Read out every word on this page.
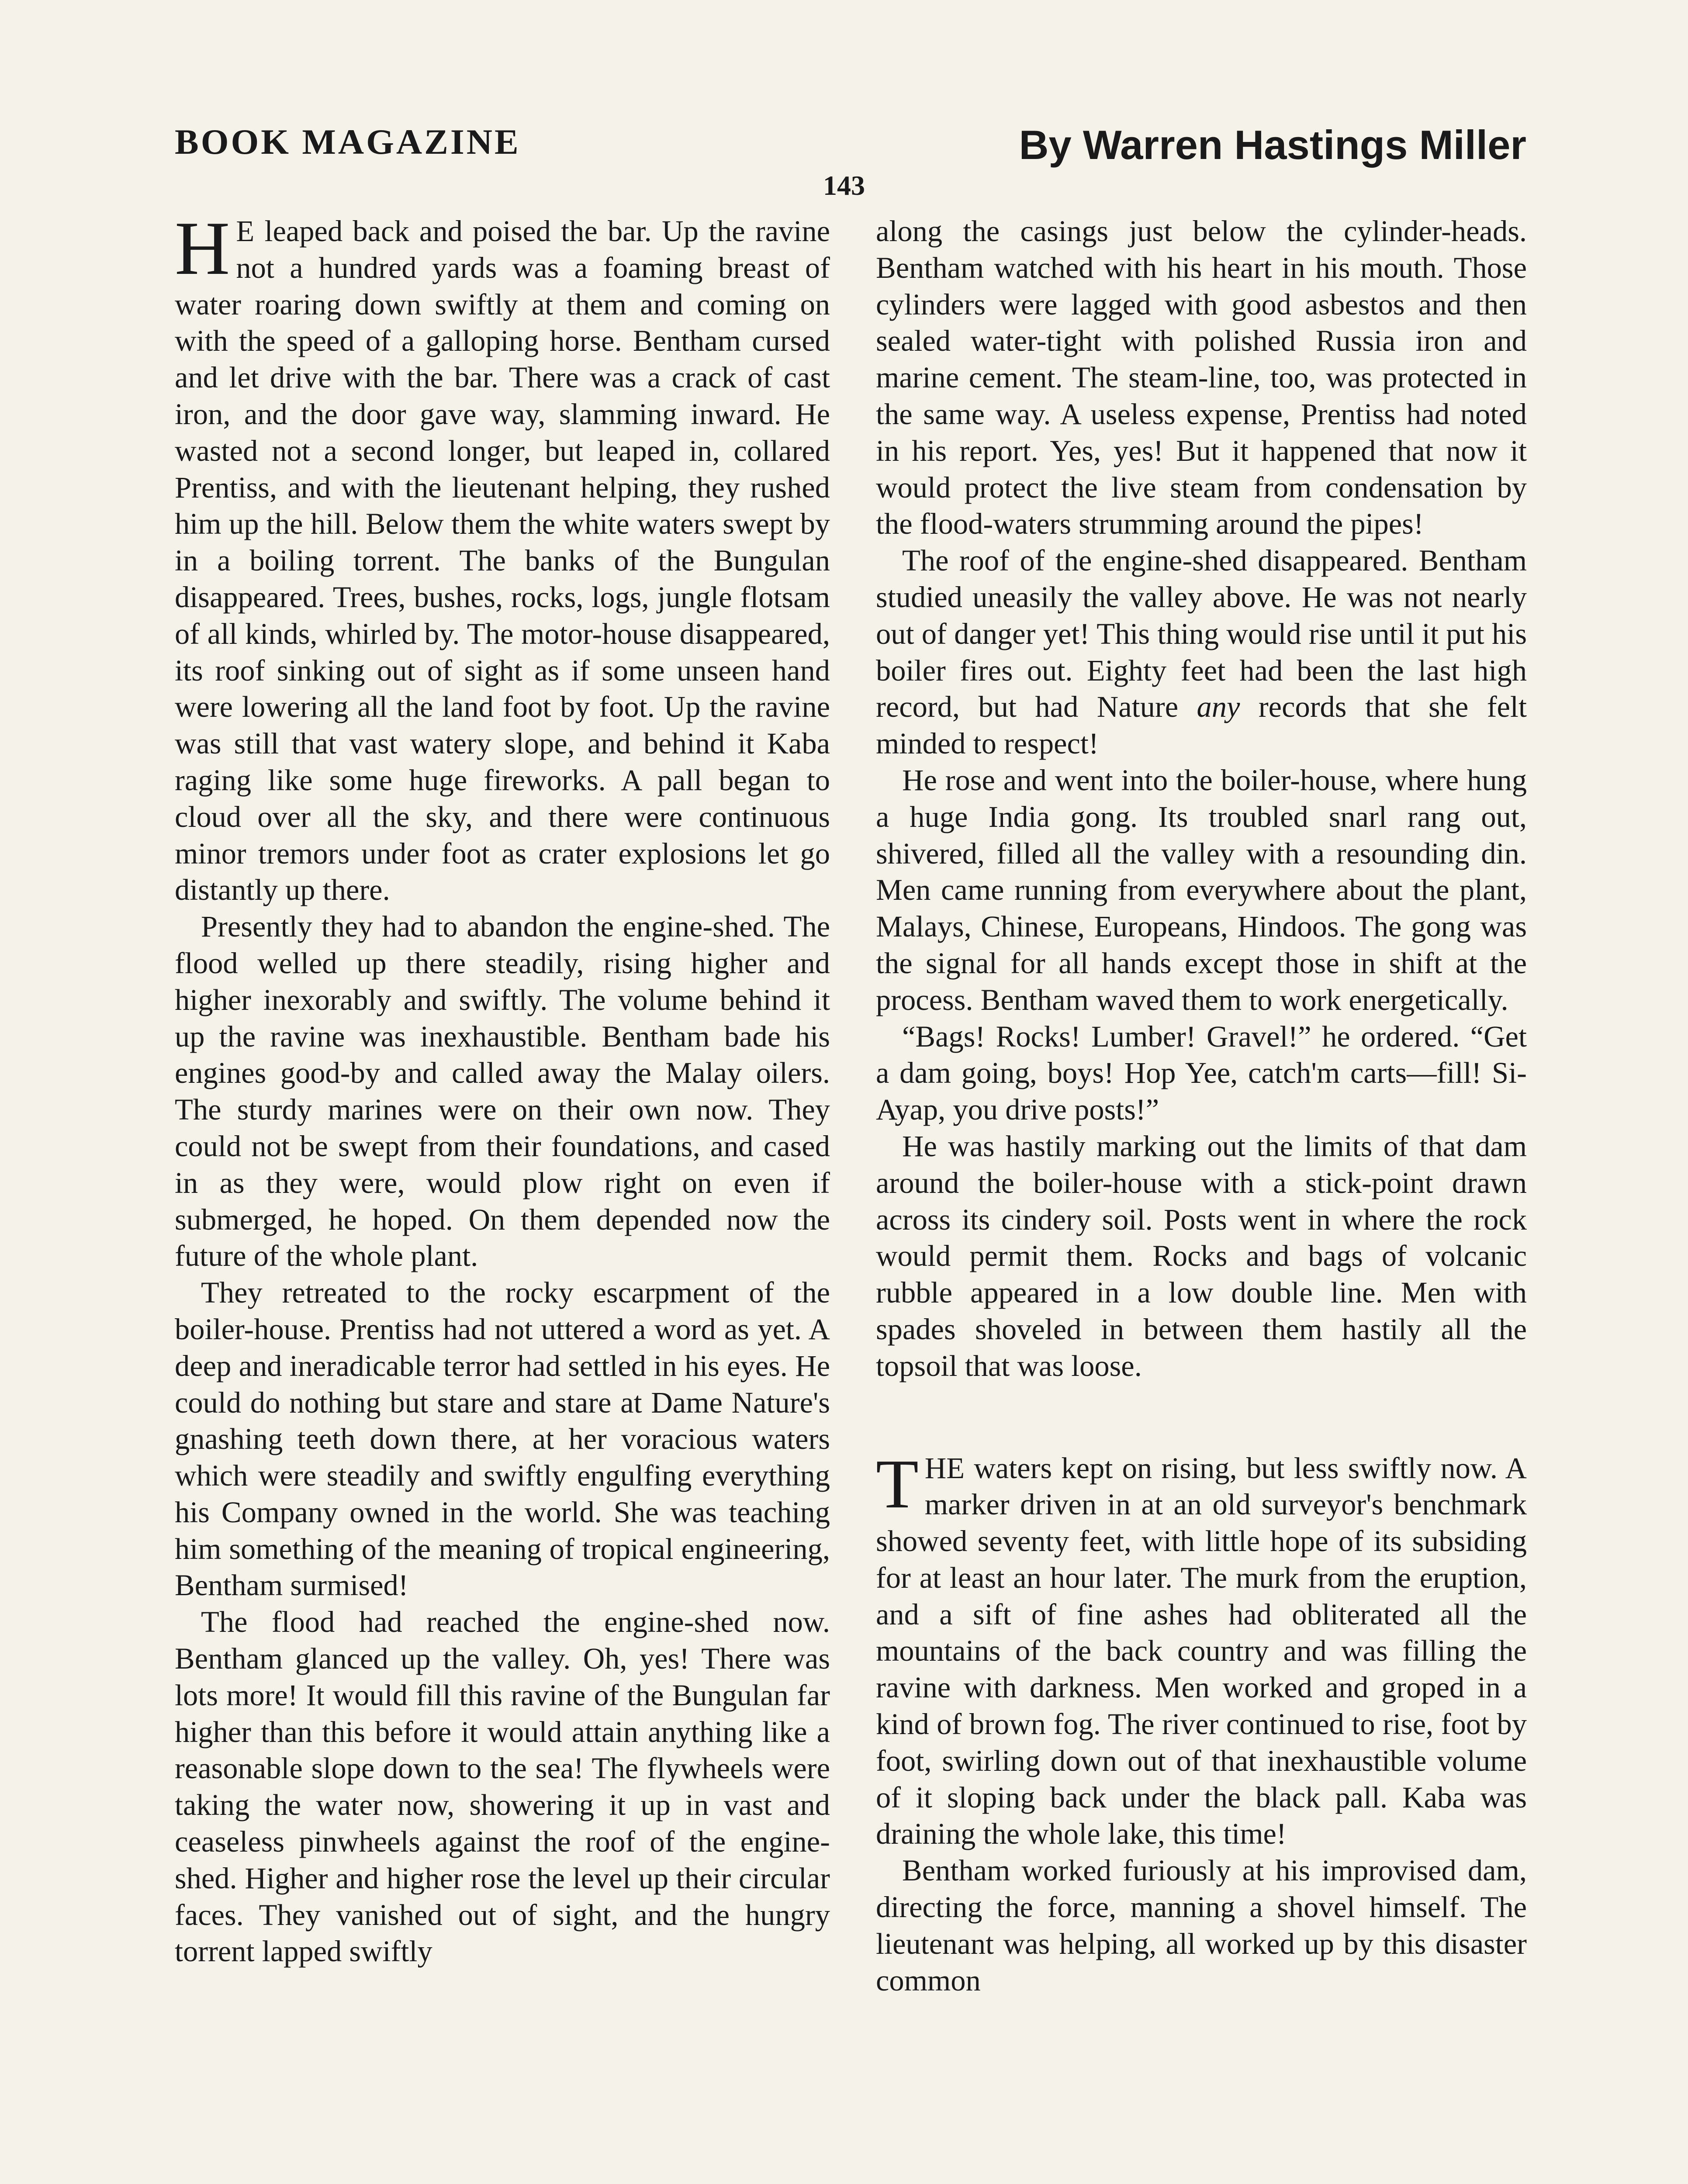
BOOK MAGAZINE	By Warren Hastings Miller
143

H E leaped back and poised the bar. Up the ravine not a hundred yards was a foaming breast of water roaring down swiftly at them and coming on with the speed of a galloping horse. Bentham cursed and let drive with the bar. There was a crack of cast iron, and the door gave way, slamming inward. He wasted not a second longer, but leaped in, collared Prentiss, and with the lieutenant helping, they rushed him up the hill. Below them the white waters swept by in a boiling torrent. The banks of the Bungulan disappeared. Trees, bushes, rocks, logs, jungle flotsam of all kinds, whirled by. The motor-house disappeared, its roof sinking out of sight as if some unseen hand were lowering all the land foot by foot. Up the ravine was still that vast watery slope, and behind it Kaba raging like some huge fireworks. A pall began to cloud over all the sky, and there were continuous minor tremors under foot as crater explosions let go distantly up there.

Presently they had to abandon the engine-shed. The flood welled up there steadily, rising higher and higher inexorably and swiftly. The volume behind it up the ravine was inexhaustible. Bentham bade his engines good-by and called away the Malay oilers. The sturdy marines were on their own now. They could not be swept from their foundations, and cased in as they were, would plow right on even if submerged, he hoped. On them depended now the future of the whole plant.

They retreated to the rocky escarpment of the boiler-house. Prentiss had not uttered a word as yet. A deep and ineradicable terror had settled in his eyes. He could do nothing but stare and stare at Dame Nature's gnashing teeth down there, at her voracious waters which were steadily and swiftly engulfing everything his Company owned in the world. She was teaching him something of the meaning of tropical engineering, Bentham surmised!

The flood had reached the engine-shed now. Bentham glanced up the valley. Oh, yes! There was lots more! It would fill this ravine of the Bungulan far higher than this before it would attain anything like a reasonable slope down to the sea! The flywheels were taking the water now, showering it up in vast and ceaseless pinwheels against the roof of the engine-shed. Higher and higher rose the level up their circular faces. They vanished out of sight, and the hungry torrent lapped swiftly

along the casings just below the cylinder-heads. Bentham watched with his heart in his mouth. Those cylinders were lagged with good asbestos and then sealed water-tight with polished Russia iron and marine cement. The steam-line, too, was protected in the same way. A useless expense, Prentiss had noted in his report. Yes, yes! But it happened that now it would protect the live steam from condensation by the flood-waters strumming around the pipes!

The roof of the engine-shed disappeared. Bentham studied uneasily the valley above. He was not nearly out of danger yet! This thing would rise until it put his boiler fires out. Eighty feet had been the last high record, but had Nature any records that she felt minded to respect!

He rose and went into the boiler-house, where hung a huge India gong. Its troubled snarl rang out, shivered, filled all the valley with a resounding din. Men came running from everywhere about the plant, Malays, Chinese, Europeans, Hindoos. The gong was the signal for all hands except those in shift at the process. Bentham waved them to work energetically.

“Bags! Rocks! Lumber! Gravel!” he ordered. “Get a dam going, boys! Hop Yee, catch'm carts—fill! Si-Ayap, you drive posts!”

He was hastily marking out the limits of that dam around the boiler-house with a stick-point drawn across its cindery soil. Posts went in where the rock would permit them. Rocks and bags of volcanic rubble appeared in a low double line. Men with spades shoveled in between them hastily all the topsoil that was loose.

THE waters kept on rising, but less swiftly now. A marker driven in at an old surveyor's benchmark showed seventy feet, with little hope of its subsiding for at least an hour later. The murk from the eruption, and a sift of fine ashes had obliterated all the mountains of the back country and was filling the ravine with darkness. Men worked and groped in a kind of brown fog. The river continued to rise, foot by foot, swirling down out of that inexhaustible volume of it sloping back under the black pall. Kaba was draining the whole lake, this time!

Bentham worked furiously at his improvised dam, directing the force, manning a shovel himself. The lieutenant was helping, all worked up by this disaster common
